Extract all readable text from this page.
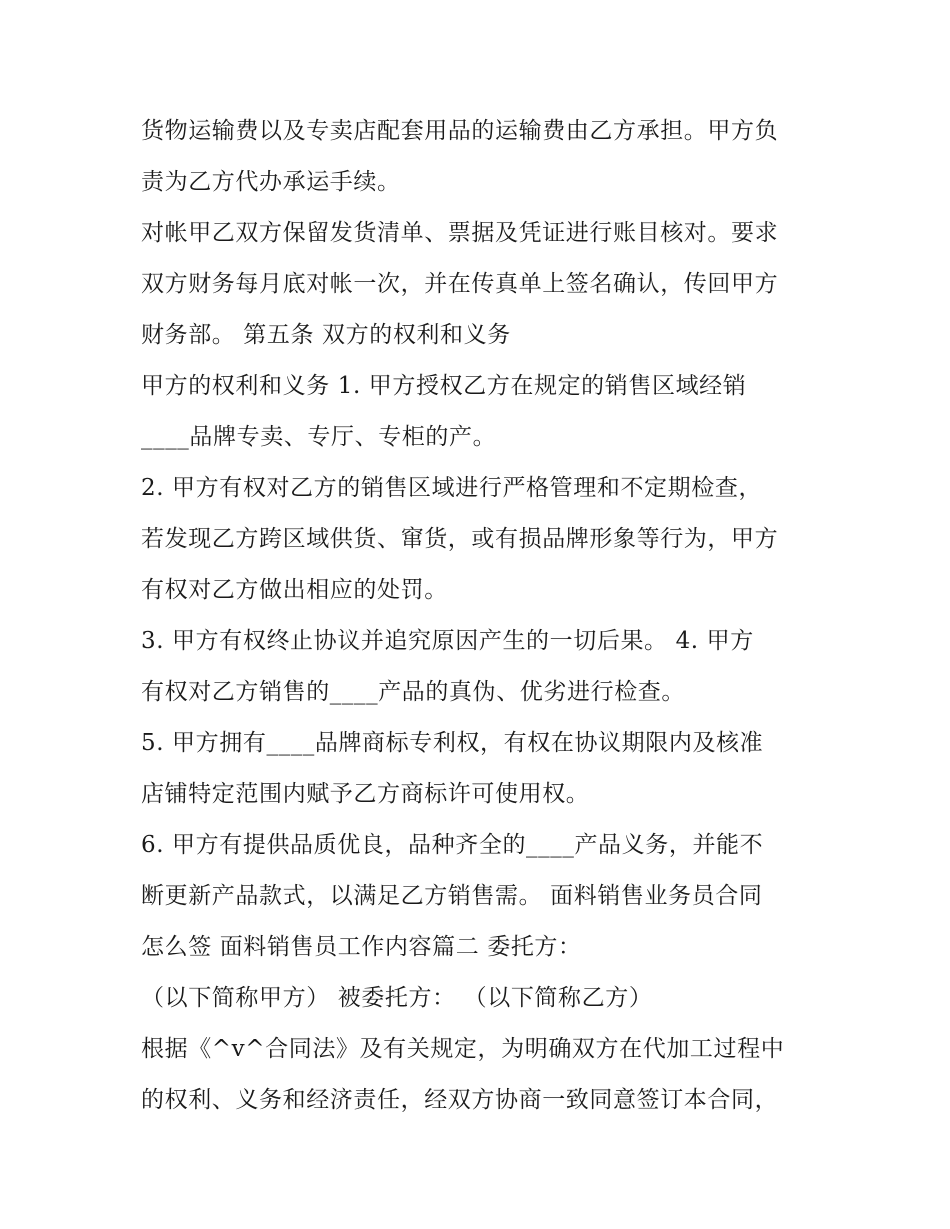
货物运输费以及专卖店配套用品的运输费由乙方承担。甲方负
责为乙方代办承运手续。
对帐甲乙双方保留发货清单、票据及凭证进行账目核对。要求
双方财务每月底对帐一次，并在传真单上签名确认，传回甲方
财务部。 第五条 双方的权利和义务
甲方的权利和义务 1. 甲方授权乙方在规定的销售区域经销
____品牌专卖、专厅、专柜的产。
2. 甲方有权对乙方的销售区域进行严格管理和不定期检查，
若发现乙方跨区域供货、窜货，或有损品牌形象等行为，甲方
有权对乙方做出相应的处罚。
3. 甲方有权终止协议并追究原因产生的一切后果。 4. 甲方
有权对乙方销售的____产品的真伪、优劣进行检查。
5. 甲方拥有____品牌商标专利权，有权在协议期限内及核准
店铺特定范围内赋予乙方商标许可使用权。
6. 甲方有提供品质优良，品种齐全的____产品义务，并能不
断更新产品款式，以满足乙方销售需。 面料销售业务员合同
怎么签 面料销售员工作内容篇二 委托方：
（以下简称甲方） 被委托方： （以下简称乙方）
根据《^v^合同法》及有关规定，为明确双方在代加工过程中
的权利、义务和经济责任，经双方协商一致同意签订本合同，
